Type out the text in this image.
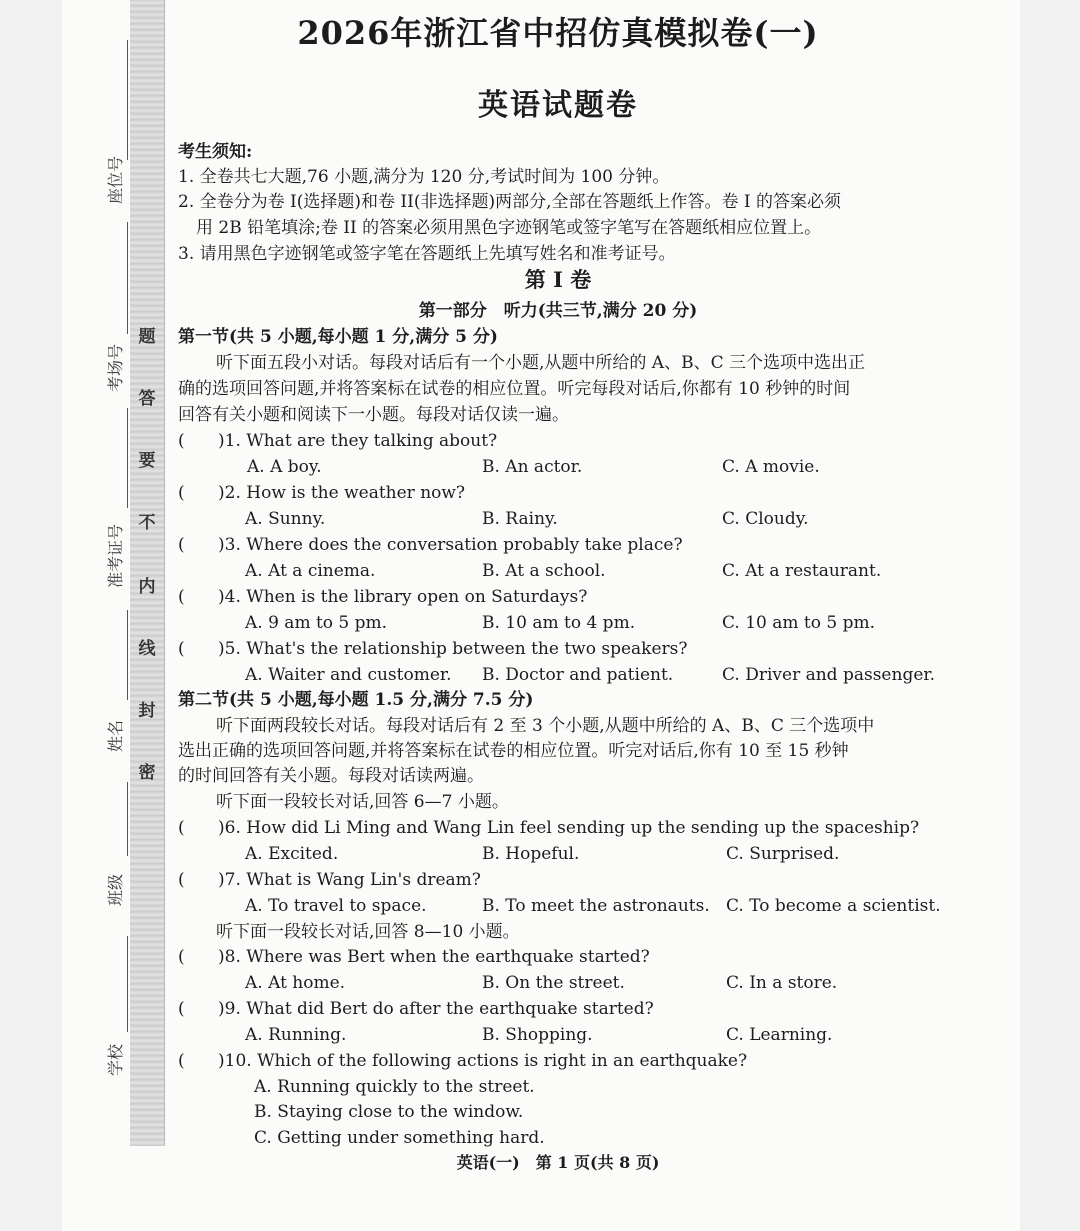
题
答
要
不
内
线
封
密
座位号
考场号
准考证号
姓名
班级
学校
2026年浙江省中招仿真模拟卷(一)
英语试题卷
考生须知:
1. 全卷共七大题,76 小题,满分为 120 分,考试时间为 100 分钟。
2. 全卷分为卷 I(选择题)和卷 II(非选择题)两部分,全部在答题纸上作答。卷 I 的答案必须
用 2B 铅笔填涂;卷 II 的答案必须用黑色字迹钢笔或签字笔写在答题纸相应位置上。
3. 请用黑色字迹钢笔或签字笔在答题纸上先填写姓名和准考证号。
第 I 卷
第一部分　听力(共三节,满分 20 分)
第一节(共 5 小题,每小题 1 分,满分 5 分)
听下面五段小对话。每段对话后有一个小题,从题中所给的 A、B、C 三个选项中选出正
确的选项回答问题,并将答案标在试卷的相应位置。听完每段对话后,你都有 10 秒钟的时间
回答有关小题和阅读下一小题。每段对话仅读一遍。
( )1. What are they talking about?
A. A boy.	B. An actor.	C. A movie.
( )2. How is the weather now?
A. Sunny.	B. Rainy.	C. Cloudy.
( )3. Where does the conversation probably take place?
A. At a cinema.	B. At a school.	C. At a restaurant.
( )4. When is the library open on Saturdays?
A. 9 am to 5 pm.	B. 10 am to 4 pm.	C. 10 am to 5 pm.
( )5. What's the relationship between the two speakers?
A. Waiter and customer. B. Doctor and patient.	C. Driver and passenger.
第二节(共 5 小题,每小题 1.5 分,满分 7.5 分)
听下面两段较长对话。每段对话后有 2 至 3 个小题,从题中所给的 A、B、C 三个选项中
选出正确的选项回答问题,并将答案标在试卷的相应位置。听完对话后,你有 10 至 15 秒钟
的时间回答有关小题。每段对话读两遍。
听下面一段较长对话,回答 6—7 小题。
( )6. How did Li Ming and Wang Lin feel sending up the sending up the spaceship?
A. Excited.	B. Hopeful.	C. Surprised.
( )7. What is Wang Lin's dream?
A. To travel to space.	B. To meet the astronauts. C. To become a scientist.
听下面一段较长对话,回答 8—10 小题。
( )8. Where was Bert when the earthquake started?
A. At home.	B. On the street.	C. In a store.
( )9. What did Bert do after the earthquake started?
A. Running.	B. Shopping.	C. Learning.
( )10. Which of the following actions is right in an earthquake?
A. Running quickly to the street.
B. Staying close to the window.
C. Getting under something hard.
英语(一)　第 1 页(共 8 页)
